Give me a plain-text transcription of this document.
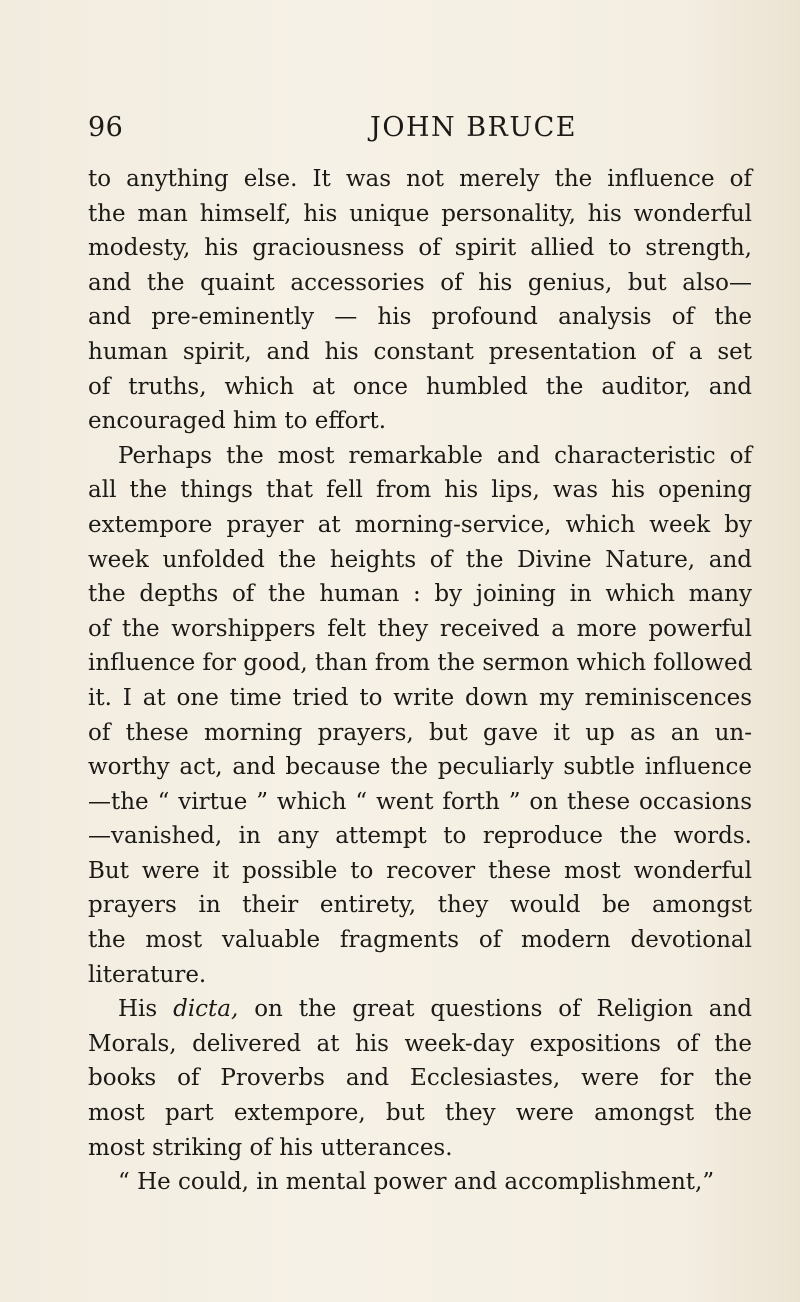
96	JOHN BRUCE
to anything else. It was not merely the influence of
the man himself, his unique personality, his wonderful
modesty, his graciousness of spirit allied to strength,
and the quaint accessories of his genius, but also—
and pre-eminently — his profound analysis of the
human spirit, and his constant presentation of a set
of truths, which at once humbled the auditor, and
encouraged him to effort.
Perhaps the most remarkable and characteristic of
all the things that fell from his lips, was his opening
extempore prayer at morning-service, which week by
week unfolded the heights of the Divine Nature, and
the depths of the human : by joining in which many
of the worshippers felt they received a more powerful
influence for good, than from the sermon which followed
it. I at one time tried to write down my reminiscences
of these morning prayers, but gave it up as an un-
worthy act, and because the peculiarly subtle influence
—the “ virtue ” which “ went forth ” on these occasions
—vanished, in any attempt to reproduce the words.
But were it possible to recover these most wonderful
prayers in their entirety, they would be amongst
the most valuable fragments of modern devotional
literature.
His dicta, on the great questions of Religion and
Morals, delivered at his week-day expositions of the
books of Proverbs and Ecclesiastes, were for the
most part extempore, but they were amongst the
most striking of his utterances.
“ He could, in mental power and accomplishment,”
